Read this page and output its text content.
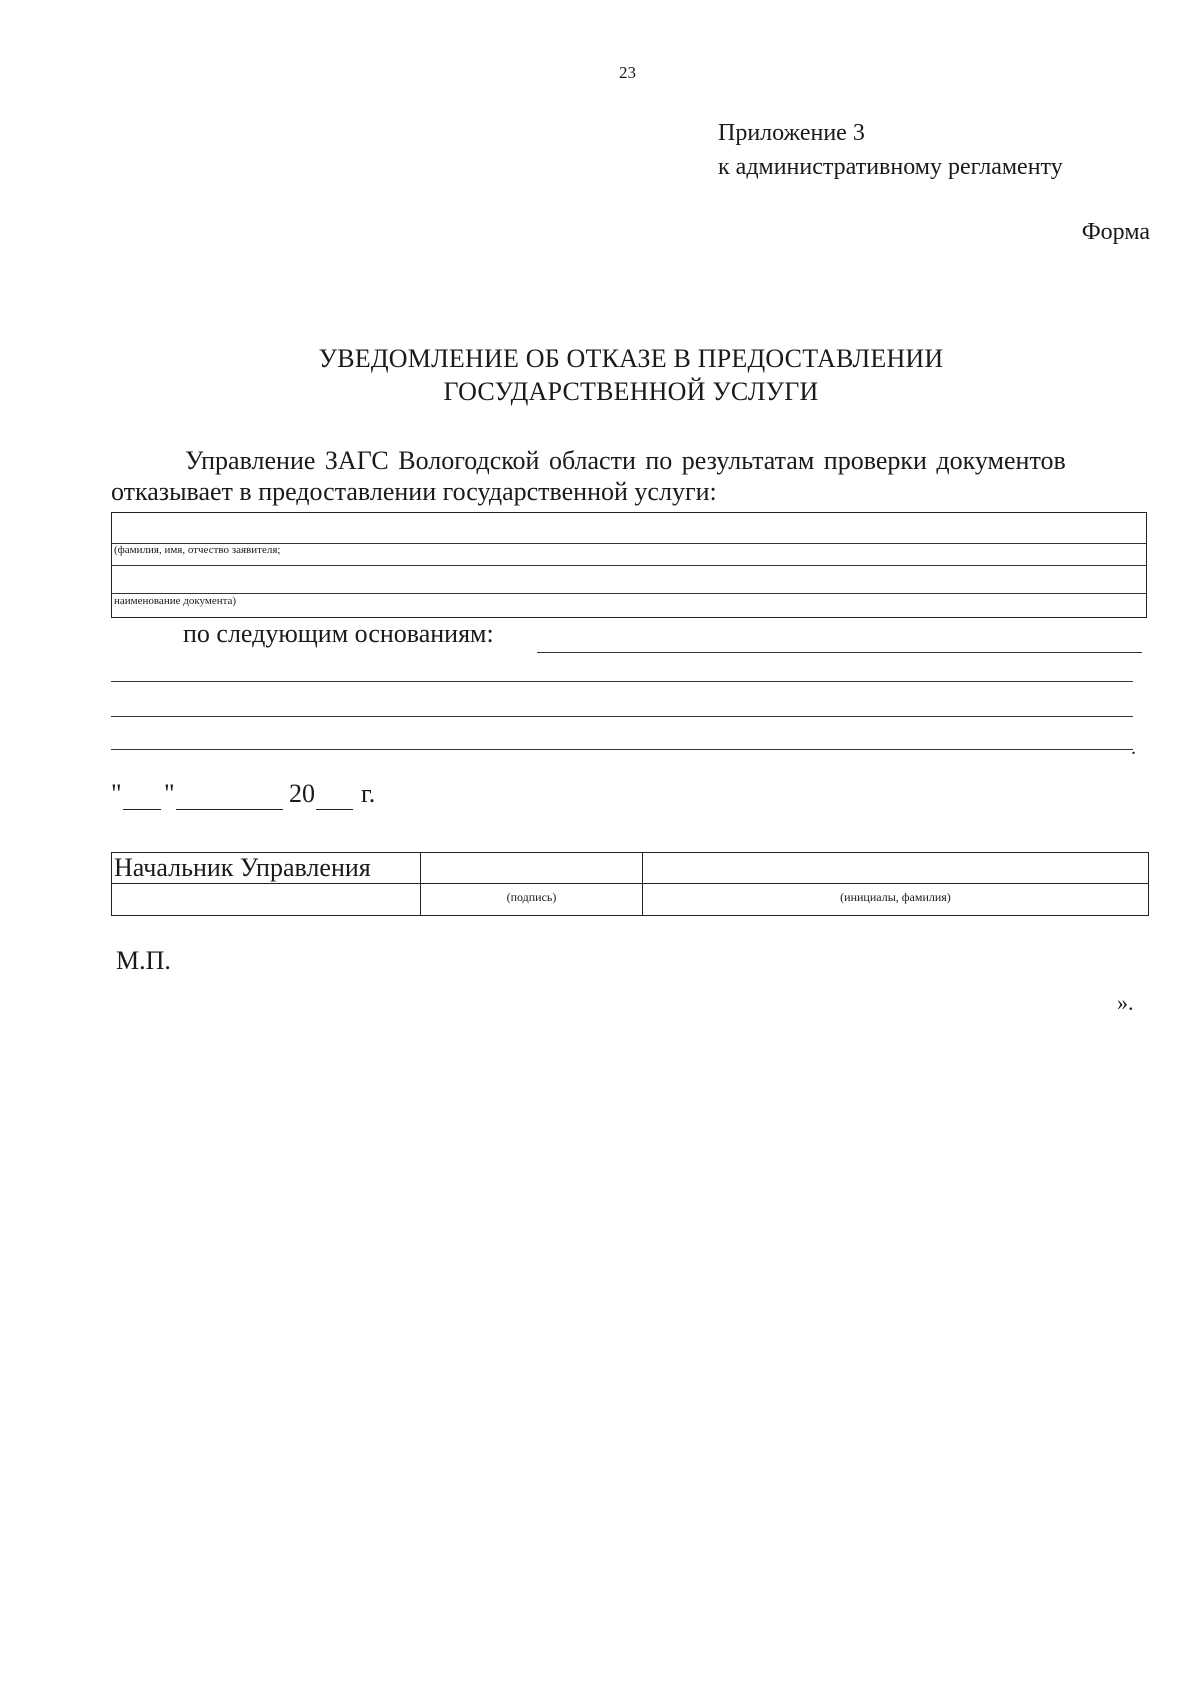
23
Приложение 3
к административному регламенту
Форма
УВЕДОМЛЕНИЕ ОБ ОТКАЗЕ В ПРЕДОСТАВЛЕНИИ
ГОСУДАРСТВЕННОЙ УСЛУГИ
Управление ЗАГС Вологодской области по результатам проверки документов
отказывает в предоставлении государственной услуги:
(фамилия, имя, отчество заявителя;
наименование документа)
по следующим основаниям:
.
" "	20 г.
Начальник Управления		
	(подпись)	(инициалы, фамилия)
М.П.
».
